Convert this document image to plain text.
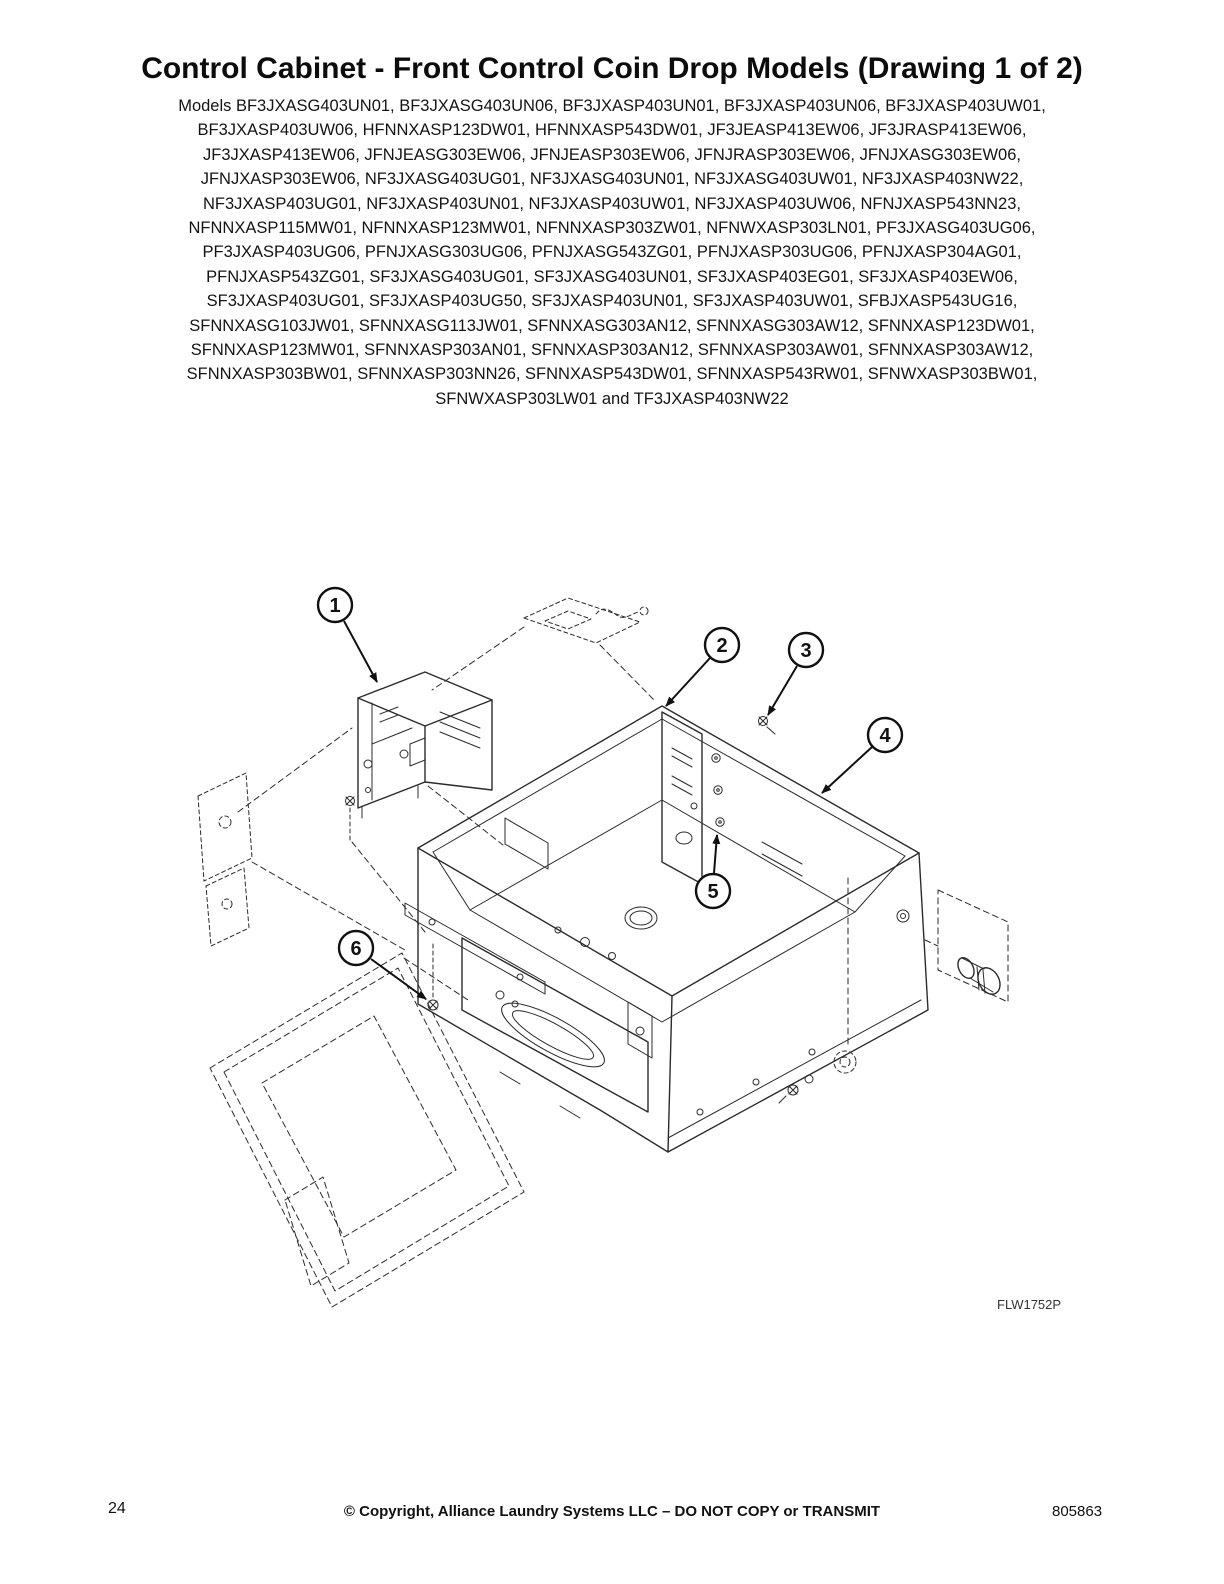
Control Cabinet - Front Control Coin Drop Models (Drawing 1 of 2)
Models BF3JXASG403UN01, BF3JXASG403UN06, BF3JXASP403UN01, BF3JXASP403UN06, BF3JXASP403UW01,
BF3JXASP403UW06, HFNNXASP123DW01, HFNNXASP543DW01, JF3JEASP413EW06, JF3JRASP413EW06,
JF3JXASP413EW06, JFNJEASG303EW06, JFNJEASP303EW06, JFNJRASP303EW06, JFNJXASG303EW06,
JFNJXASP303EW06, NF3JXASG403UG01, NF3JXASG403UN01, NF3JXASG403UW01, NF3JXASP403NW22,
NF3JXASP403UG01, NF3JXASP403UN01, NF3JXASP403UW01, NF3JXASP403UW06, NFNJXASP543NN23,
NFNNXASP115MW01, NFNNXASP123MW01, NFNNXASP303ZW01, NFNWXASP303LN01, PF3JXASG403UG06,
PF3JXASP403UG06, PFNJXASG303UG06, PFNJXASG543ZG01, PFNJXASP303UG06, PFNJXASP304AG01,
PFNJXASP543ZG01, SF3JXASG403UG01, SF3JXASG403UN01, SF3JXASP403EG01, SF3JXASP403EW06,
SF3JXASP403UG01, SF3JXASP403UG50, SF3JXASP403UN01, SF3JXASP403UW01, SFBJXASP543UG16,
SFNNXASG103JW01, SFNNXASG113JW01, SFNNXASG303AN12, SFNNXASG303AW12, SFNNXASP123DW01,
SFNNXASP123MW01, SFNNXASP303AN01, SFNNXASP303AN12, SFNNXASP303AW01, SFNNXASP303AW12,
SFNNXASP303BW01, SFNNXASP303NN26, SFNNXASP543DW01, SFNNXASP543RW01, SFNWXASP303BW01,
SFNWXASP303LW01 and TF3JXASP403NW22
1
2	3
4
5
6
FLW1752P
24	© Copyright, Alliance Laundry Systems LLC – DO NOT COPY or TRANSMIT	805863
